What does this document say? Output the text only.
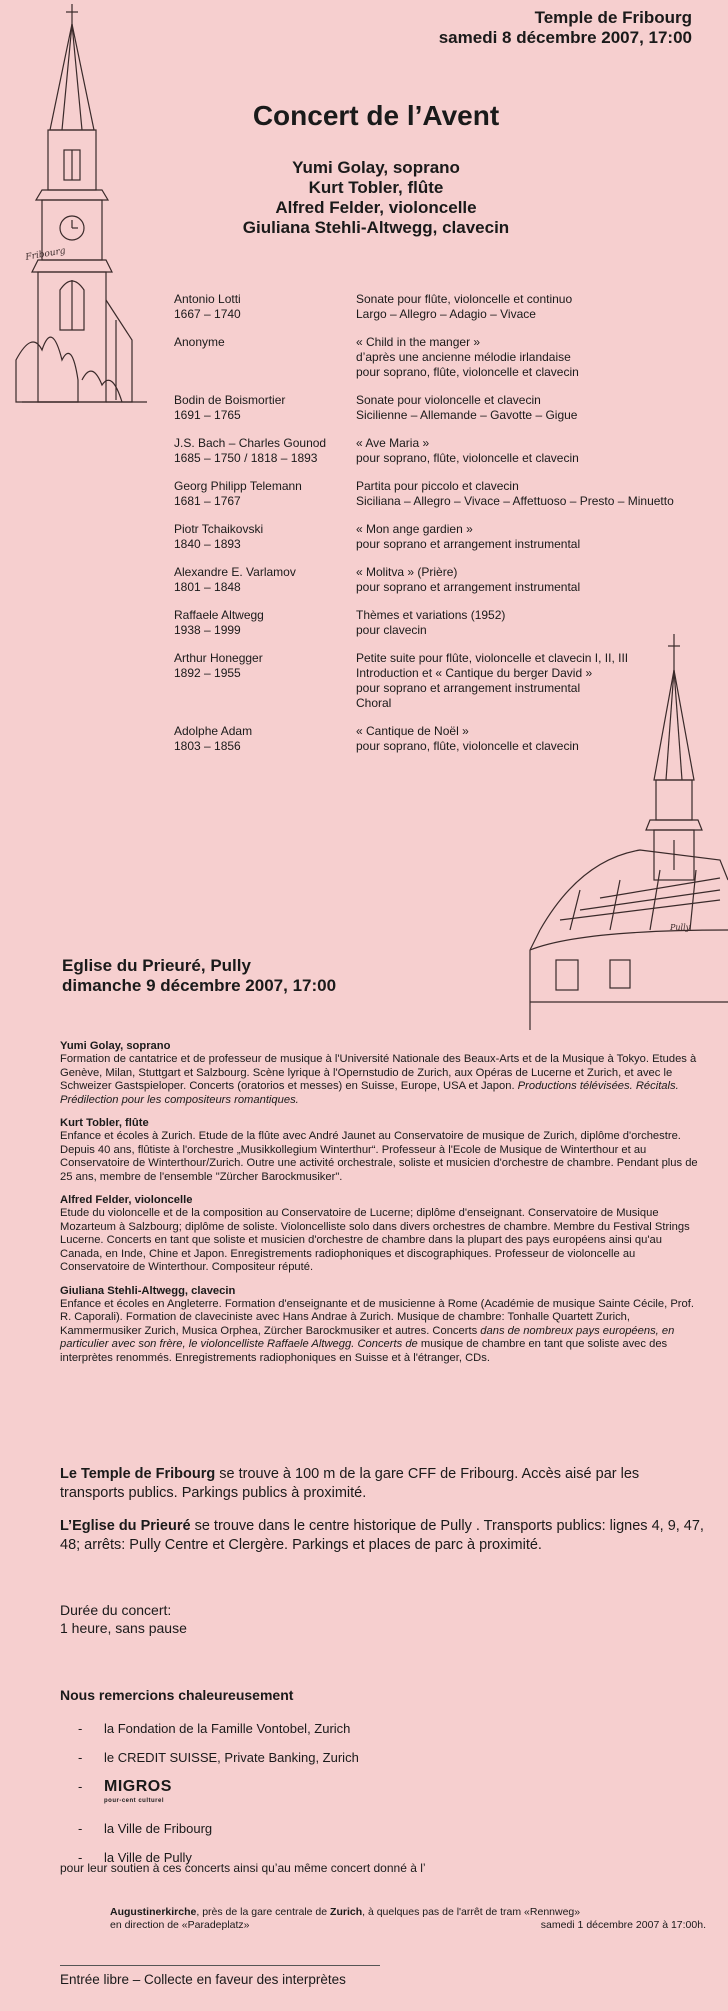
Fribourg
Pully
Temple de Fribourg
samedi 8 décembre 2007, 17:00
Concert de l’Avent
Yumi Golay, soprano
Kurt Tobler, flûte
Alfred Felder, violoncelle
Giuliana Stehli-Altwegg, clavecin
Antonio Lotti
1667 – 1740
Sonate pour flûte, violoncelle et continuo
Largo – Allegro – Adagio – Vivace
Anonyme	« Child in the manger »
d’après une ancienne mélodie irlandaise
pour soprano, flûte, violoncelle et clavecin
Bodin de Boismortier
1691 – 1765
Sonate pour violoncelle et clavecin
Sicilienne – Allemande – Gavotte – Gigue
J.S. Bach – Charles Gounod
1685 – 1750 / 1818 – 1893
« Ave Maria »
pour soprano, flûte, violoncelle et clavecin
Georg Philipp Telemann
1681 – 1767
Partita pour piccolo et clavecin
Siciliana – Allegro – Vivace – Affettuoso – Presto – Minuetto
Piotr Tchaikovski
1840 – 1893
« Mon ange gardien »
pour soprano et arrangement instrumental
Alexandre E. Varlamov
1801 – 1848
« Molitva » (Prière)
pour soprano et arrangement instrumental
Raffaele Altwegg
1938 – 1999
Thèmes et variations (1952)
pour clavecin
Arthur Honegger
1892 – 1955
Petite suite pour flûte, violoncelle et clavecin I, II, III
Introduction et « Cantique du berger David »
pour soprano et arrangement instrumental
Choral
Adolphe Adam
1803 – 1856
« Cantique de Noël »
pour soprano, flûte, violoncelle et clavecin
Eglise du Prieuré, Pully
dimanche 9 décembre 2007, 17:00
Yumi Golay, soprano
Formation de cantatrice et de professeur de musique à l'Université Nationale des Beaux-Arts et de la Musique à Tokyo. Etudes à Genève, Milan, Stuttgart et Salzbourg. Scène lyrique à l'Opernstudio de Zurich, aux Opéras de Lucerne et Zurich, et avec le Schweizer Gastspieloper. Concerts (oratorios et messes) en Suisse, Europe, USA et Japon. Productions télévisées. Récitals. Prédilection pour les compositeurs romantiques.
Kurt Tobler, flûte
Enfance et écoles à Zurich. Etude de la flûte avec André Jaunet au Conservatoire de musique de Zurich, diplôme d'orchestre. Depuis 40 ans, flûtiste à l'orchestre „Musikkollegium Winterthur“. Professeur à l'Ecole de Musique de Winterthour et au Conservatoire de Winterthour/Zurich. Outre une activité orchestrale, soliste et musicien d'orchestre de chambre. Pendant plus de 25 ans, membre de l'ensemble "Zürcher Barockmusiker".
Alfred Felder, violoncelle
Etude du violoncelle et de la composition au Conservatoire de Lucerne; diplôme d'enseignant. Conservatoire de Musique Mozarteum à Salzbourg; diplôme de soliste. Violoncelliste solo dans divers orchestres de chambre. Membre du Festival Strings Lucerne. Concerts en tant que soliste et musicien d'orchestre de chambre dans la plupart des pays européens ainsi qu'au Canada, en Inde, Chine et Japon. Enregistrements radiophoniques et discographiques. Professeur de violoncelle au Conservatoire de Winterthour. Compositeur réputé.
Giuliana Stehli-Altwegg, clavecin
Enfance et écoles en Angleterre. Formation d'enseignante et de musicienne à Rome (Académie de musique Sainte Cécile, Prof. R. Caporali). Formation de claveciniste avec Hans Andrae à Zurich. Musique de chambre: Tonhalle Quartett Zurich, Kammermusiker Zurich, Musica Orphea, Zürcher Barockmusiker et autres. Concerts dans de nombreux pays européens, en particulier avec son frère, le violoncelliste Raffaele Altwegg. Concerts de musique de chambre en tant que soliste avec des interprètes renommés. Enregistrements radiophoniques en Suisse et à l'étranger, CDs.

Le Temple de Fribourg se trouve à 100 m de la gare CFF de Fribourg. Accès aisé par les transports publics. Parkings publics à proximité.

L’Eglise du Prieuré se trouve dans le centre historique de Pully . Transports publics: lignes 4, 9, 47, 48; arrêts: Pully Centre et Clergère. Parkings et places de parc à proximité.

Durée du concert:
1 heure, sans pause
Nous remercions chaleureusement
- la Fondation de la Famille Vontobel, Zurich
- le CREDIT SUISSE, Private Banking, Zurich
- MIGROS
pour-cent culturel
- la Ville de Fribourg
- la Ville de Pully
pour leur soutien à ces concerts ainsi qu’au même concert donné à l’
Augustinerkirche, près de la gare centrale de Zurich, à quelques pas de l'arrêt de tram «Rennweg»
en direction de «Paradeplatz»	samedi 1 décembre 2007 à 17:00h.
Entrée libre – Collecte en faveur des interprètes
